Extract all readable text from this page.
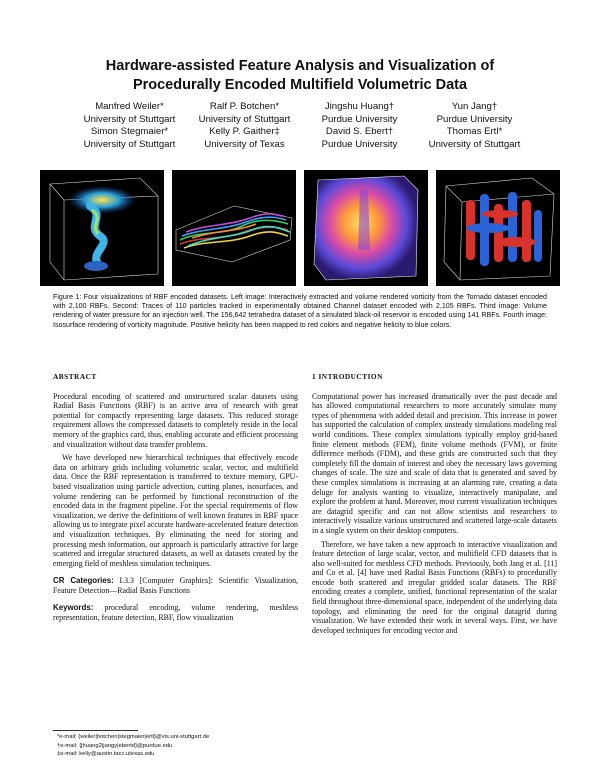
Hardware-assisted Feature Analysis and Visualization of
Procedurally Encoded Multifield Volumetric Data
Manfred Weiler*	Ralf P. Botchen*	Jingshu Huang†	Yun Jang†
University of Stuttgart	University of Stuttgart	Purdue University	Purdue University
Simon Stegmaier*	Kelly P. Gaither‡	David S. Ebert†	Thomas Ertl*
University of Stuttgart	University of Texas	Purdue University	University of Stuttgart
Figure 1: Four visualizations of RBF encoded datasets. Left image: Interactively extracted and volume rendered vorticity from the Tornado dataset encoded with 2,100 RBFs. Second: Traces of 110 particles tracked in experimentally obtained Channel dataset encoded with 2,105 RBFs. Third image: Volume rendering of water pressure for an injection well. The 156,642 tetrahedra dataset of a simulated black-oil reservoir is encoded using 141 RBFs. Fourth image: Isosurface rendering of vorticity magnitude. Positive helicity has been mapped to red colors and negative helicity to blue colors.
ABSTRACT

Procedural encoding of scattered and unstructured scalar datasets using Radial Basis Functions (RBF) is an active area of research with great potential for compactly representing large datasets. This reduced storage requirement allows the compressed datasets to completely reside in the local memory of the graphics card, thus, enabling accurate and efficient processing and visualization without data transfer problems.

We have developed new hierarchical techniques that effectively encode data on arbitrary grids including volumetric scalar, vector, and multifield data. Once the RBF representation is transferred to texture memory, GPU-based visualization using particle advection, cutting planes, isosurfaces, and volume rendering can be performed by functional reconstruction of the encoded data in the fragment pipeline. For the special requirements of flow visualization, we derive the definitions of well known features in RBF space allowing us to integrate pixel accurate hardware-accelerated feature detection and visualization techniques. By eliminating the need for storing and processing mesh information, our approach is particularly attractive for large scattered and irregular structured datasets, as well as datasets created by the emerging field of meshless simulation techniques.

CR Categories: I.3.3 [Computer Graphics]: Scientific Visualization, Feature Detection—Radial Basis Functions

Keywords: procedural encoding, volume rendering, meshless representation, feature detection, RBF, flow visualization

1 INTRODUCTION

Computational power has increased dramatically over the past decade and has allowed computational researchers to more accurately simulate many types of phenomena with added detail and precision. This increase in power has supported the calculation of complex unsteady simulations modeling real world conditions. These complex simulations typically employ grid-based finite element methods (FEM), finite volume methods (FVM), or finite difference methods (FDM), and these grids are constructed such that they completely fill the domain of interest and obey the necessary laws governing changes of scale. The size and scale of data that is generated and saved by these complex simulations is increasing at an alarming rate, creating a data deluge for analysts wanting to visualize, interactively manipulate, and explore the problem at hand. Moreover, most current visualization techniques are datagrid specific and can not allow scientists and researchers to interactively visualize various unstructured and scattered large-scale datasets in a single system on their desktop computers.

Therefore, we have taken a new approach to interactive visualization and feature detection of large scalar, vector, and multifield CFD datasets that is also well-suited for meshless CFD methods. Previously, both Jang et al. [11] and Co et al. [4] have used Radial Basis Functions (RBFs) to procedurally encode both scattered and irregular gridded scalar datasets. The RBF encoding creates a complete, unified, functional representation of the scalar field throughout three-dimensional space, independent of the underlying data topology, and eliminating the need for the original datagrid during visualization. We have extended their work in several ways. First, we have developed techniques for encoding vector and

*e-mail: {weiler|botchen|stegmaier|ertl}@vis.uni-stuttgart.de
†e-mail: {jhuang2|jangy|ebertd}@purdue.edu
‡e-mail: kelly@austin.tacc.utexas.edu
